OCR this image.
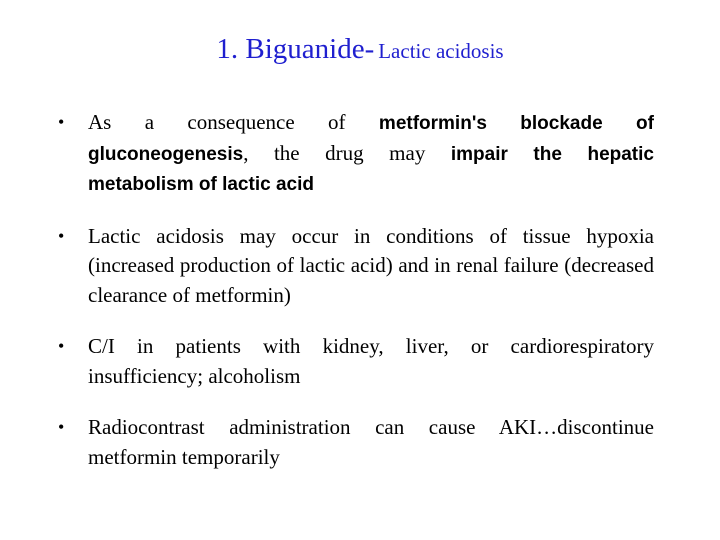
1. Biguanide- Lactic acidosis
• As a consequence of metformin's blockade of
gluconeogenesis, the drug may impair the hepatic
metabolism of lactic acid
• Lactic acidosis may occur in conditions of tissue hypoxia (increased production of lactic acid) and in renal failure (decreased clearance of metformin)
• C/I in patients with kidney, liver, or cardiorespiratory insufficiency; alcoholism
• Radiocontrast administration can cause AKI…discontinue metformin temporarily
